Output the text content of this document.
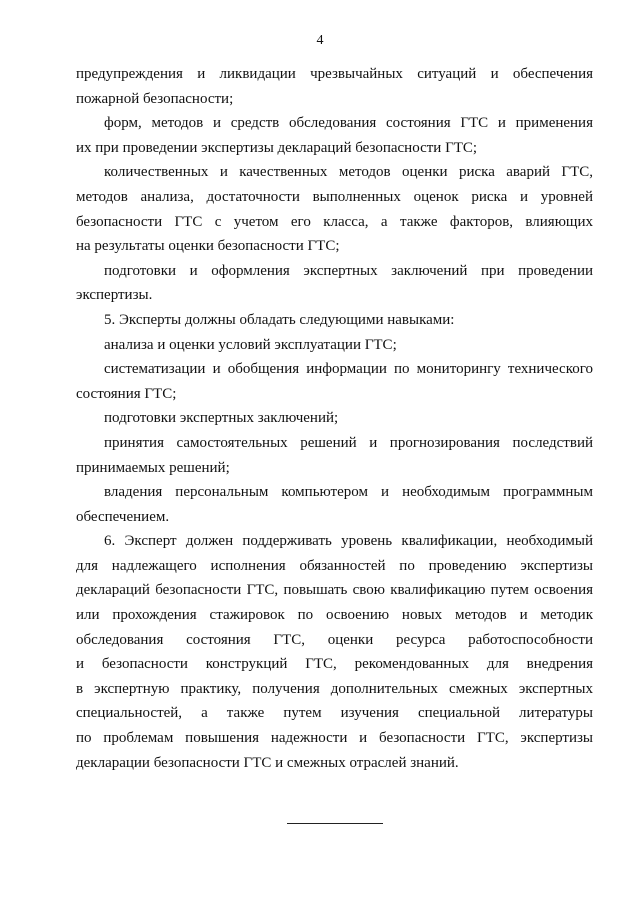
4
предупреждения и ликвидации чрезвычайных ситуаций и обеспечения
пожарной безопасности;
форм, методов и средств обследования состояния ГТС и применения
их при проведении экспертизы деклараций безопасности ГТС;
количественных и качественных методов оценки риска аварий ГТС,
методов анализа, достаточности выполненных оценок риска и уровней
безопасности ГТС с учетом его класса, а также факторов, влияющих
на результаты оценки безопасности ГТС;
подготовки и оформления экспертных заключений при проведении
экспертизы.
5. Эксперты должны обладать следующими навыками:
анализа и оценки условий эксплуатации ГТС;
систематизации и обобщения информации по мониторингу технического
состояния ГТС;
подготовки экспертных заключений;
принятия самостоятельных решений и прогнозирования последствий
принимаемых решений;
владения персональным компьютером и необходимым программным
обеспечением.
6. Эксперт должен поддерживать уровень квалификации, необходимый
для надлежащего исполнения обязанностей по проведению экспертизы
деклараций безопасности ГТС, повышать свою квалификацию путем освоения
или прохождения стажировок по освоению новых методов и методик
обследования состояния ГТС, оценки ресурса работоспособности
и безопасности конструкций ГТС, рекомендованных для внедрения
в экспертную практику, получения дополнительных смежных экспертных
специальностей, а также путем изучения специальной литературы
по проблемам повышения надежности и безопасности ГТС, экспертизы
декларации безопасности ГТС и смежных отраслей знаний.
